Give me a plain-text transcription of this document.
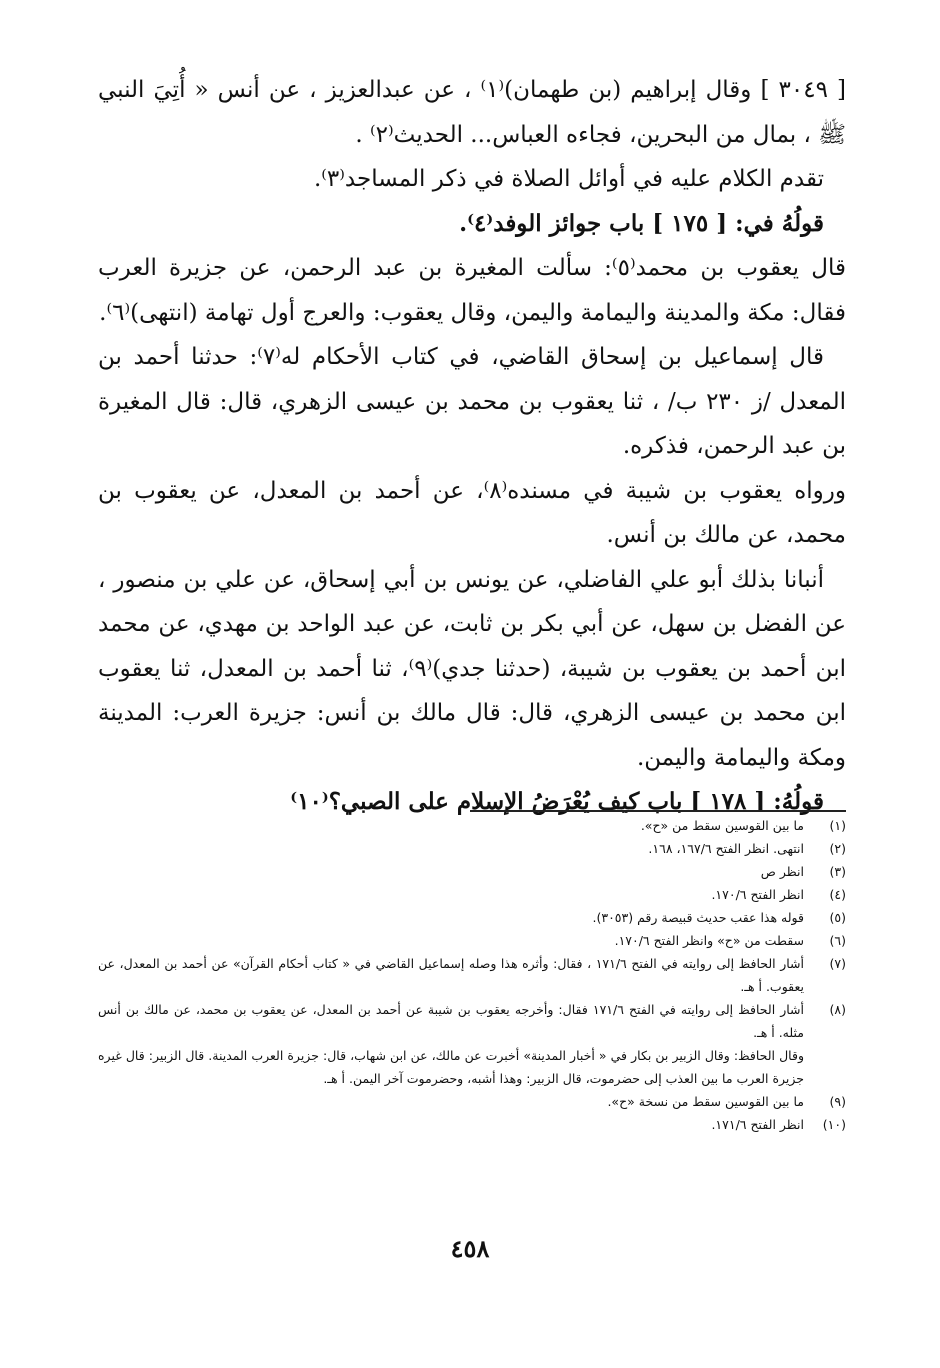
[ ٣٠٤٩ ] وقال إبراهيم (بن طهمان)⁽١⁾ ، عن عبدالعزيز ، عن أنس « أُتِيَ النبي ﷺ ، بمال من البحرين، فجاءه العباس... الحديث⁽٢⁾ .

تقدم الكلام عليه في أوائل الصلاة في ذكر المساجد⁽٣⁾.

قولُهُ في: [ ١٧٥ ] باب جوائز الوفد⁽٤⁾.

قال يعقوب بن محمد⁽٥⁾: سألت المغيرة بن عبد الرحمن، عن جزيرة العرب فقال: مكة والمدينة واليمامة واليمن، وقال يعقوب: والعرج أول تهامة (انتهى)⁽٦⁾.

قال إسماعيل بن إسحاق القاضي، في كتاب الأحكام له⁽٧⁾: حدثنا أحمد بن المعدل /ز ٢٣٠ ب/ ، ثنا يعقوب بن محمد بن عيسى الزهري، قال: قال المغيرة بن عبد الرحمن، فذكره.

ورواه يعقوب بن شيبة في مسنده⁽٨⁾، عن أحمد بن المعدل، عن يعقوب بن محمد، عن مالك بن أنس.

أنبانا بذلك أبو علي الفاضلي، عن يونس بن أبي إسحاق، عن علي بن منصور ، عن الفضل بن سهل، عن أبي بكر بن ثابت، عن عبد الواحد بن مهدي، عن محمد ابن أحمد بن يعقوب بن شيبة، (حدثنا جدي)⁽٩⁾، ثنا أحمد بن المعدل، ثنا يعقوب ابن محمد بن عيسى الزهري، قال: قال مالك بن أنس: جزيرة العرب: المدينة ومكة واليمامة واليمن.

قولُهُ: [ ١٧٨ ] باب كيف يُعْرَضُ الإسلام على الصبي؟⁽١٠⁾

(١)
ما بين القوسين سقط من «ح».
(٢)
انتهى. انظر الفتح ١٦٧/٦، ١٦٨.
(٣)
انظر ص
(٤)
انظر الفتح ١٧٠/٦.
(٥)
قوله هذا عقب حديث قبيصة رقم (٣٠٥٣).
(٦)
سقطت من «ح» وانظر الفتح ١٧٠/٦.
(٧)
أشار الحافظ إلى روايته في الفتح ١٧١/٦ ، فقال: وأثره هذا وصله إسماعيل القاضي في « كتاب أحكام القرآن» عن أحمد بن المعدل، عن يعقوب. أ هـ.
(٨)
أشار الحافظ إلى روايته في الفتح ١٧١/٦ فقال: وأخرجه يعقوب بن شيبة عن أحمد بن المعدل، عن يعقوب بن محمد، عن مالك بن أنس مثله. أ هـ.
وقال الحافظ: وقال الزبير بن بكار في « أخبار المدينة» أخبرت عن مالك، عن ابن شهاب، قال: جزيرة العرب المدينة. قال الزبير: قال غيره جزيرة العرب ما بين العذب إلى حضرموت، قال الزبير: وهذا أشبه، وحضرموت آخر اليمن. أ هـ.
(٩)
ما بين القوسين سقط من نسخة «ح».
(١٠)
انظر الفتح ١٧١/٦.
٤٥٨
